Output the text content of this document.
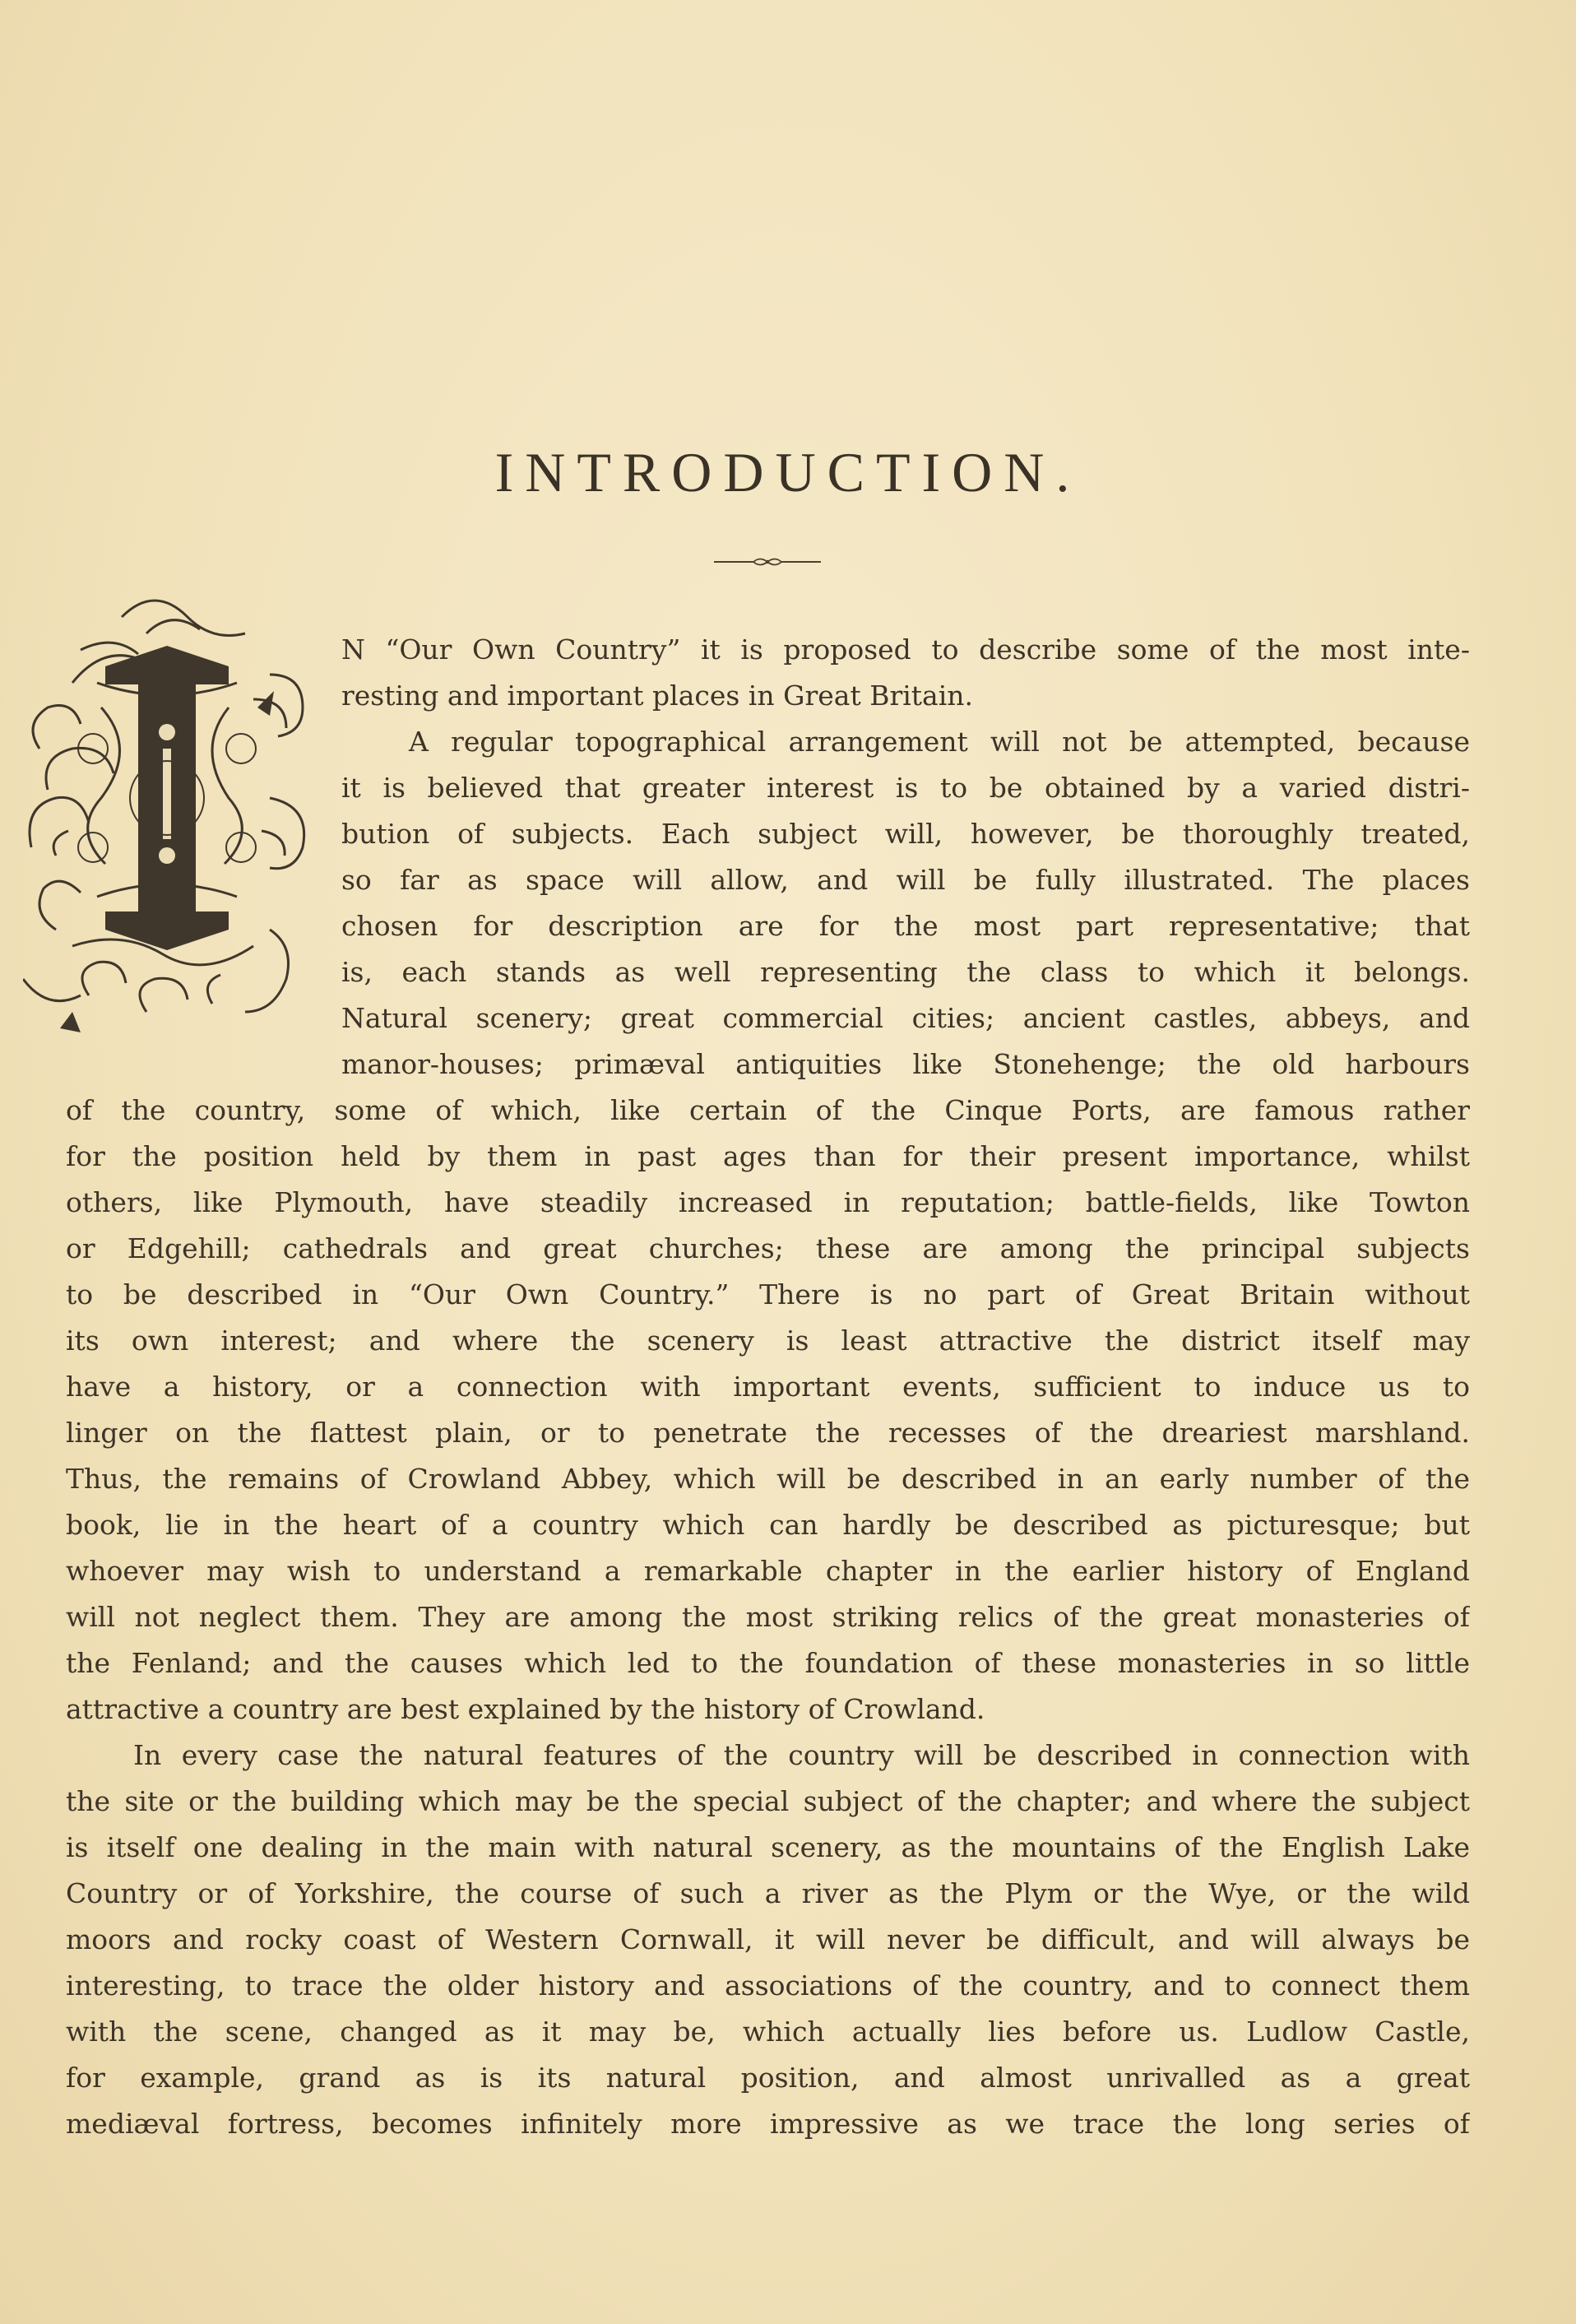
INTRODUCTION.

N “Our Own Country” it is proposed to describe some of the most inte-

resting and important places in Great Britain.

A regular topographical arrangement will not be attempted, because

it is believed that greater interest is to be obtained by a varied distri-

bution of subjects. Each subject will, however, be thoroughly treated,

so far as space will allow, and will be fully illustrated. The places

chosen for description are for the most part representative; that

is, each stands as well representing the class to which it belongs.

Natural scenery; great commercial cities; ancient castles, abbeys, and

manor-houses; primæval antiquities like Stonehenge; the old harbours

of the country, some of which, like certain of the Cinque Ports, are famous rather

for the position held by them in past ages than for their present importance, whilst

others, like Plymouth, have steadily increased in reputation; battle-fields, like Towton

or Edgehill; cathedrals and great churches; these are among the principal subjects

to be described in “Our Own Country.” There is no part of Great Britain without

its own interest; and where the scenery is least attractive the district itself may

have a history, or a connection with important events, sufficient to induce us to

linger on the flattest plain, or to penetrate the recesses of the dreariest marshland.

Thus, the remains of Crowland Abbey, which will be described in an early number of the

book, lie in the heart of a country which can hardly be described as picturesque; but

whoever may wish to understand a remarkable chapter in the earlier history of England

will not neglect them. They are among the most striking relics of the great monasteries of

the Fenland; and the causes which led to the foundation of these monasteries in so little

attractive a country are best explained by the history of Crowland.

In every case the natural features of the country will be described in connection with

the site or the building which may be the special subject of the chapter; and where the subject

is itself one dealing in the main with natural scenery, as the mountains of the English Lake

Country or of Yorkshire, the course of such a river as the Plym or the Wye, or the wild

moors and rocky coast of Western Cornwall, it will never be difficult, and will always be

interesting, to trace the older history and associations of the country, and to connect them

with the scene, changed as it may be, which actually lies before us. Ludlow Castle,

for example, grand as is its natural position, and almost unrivalled as a great

mediæval fortress, becomes infinitely more impressive as we trace the long series of
